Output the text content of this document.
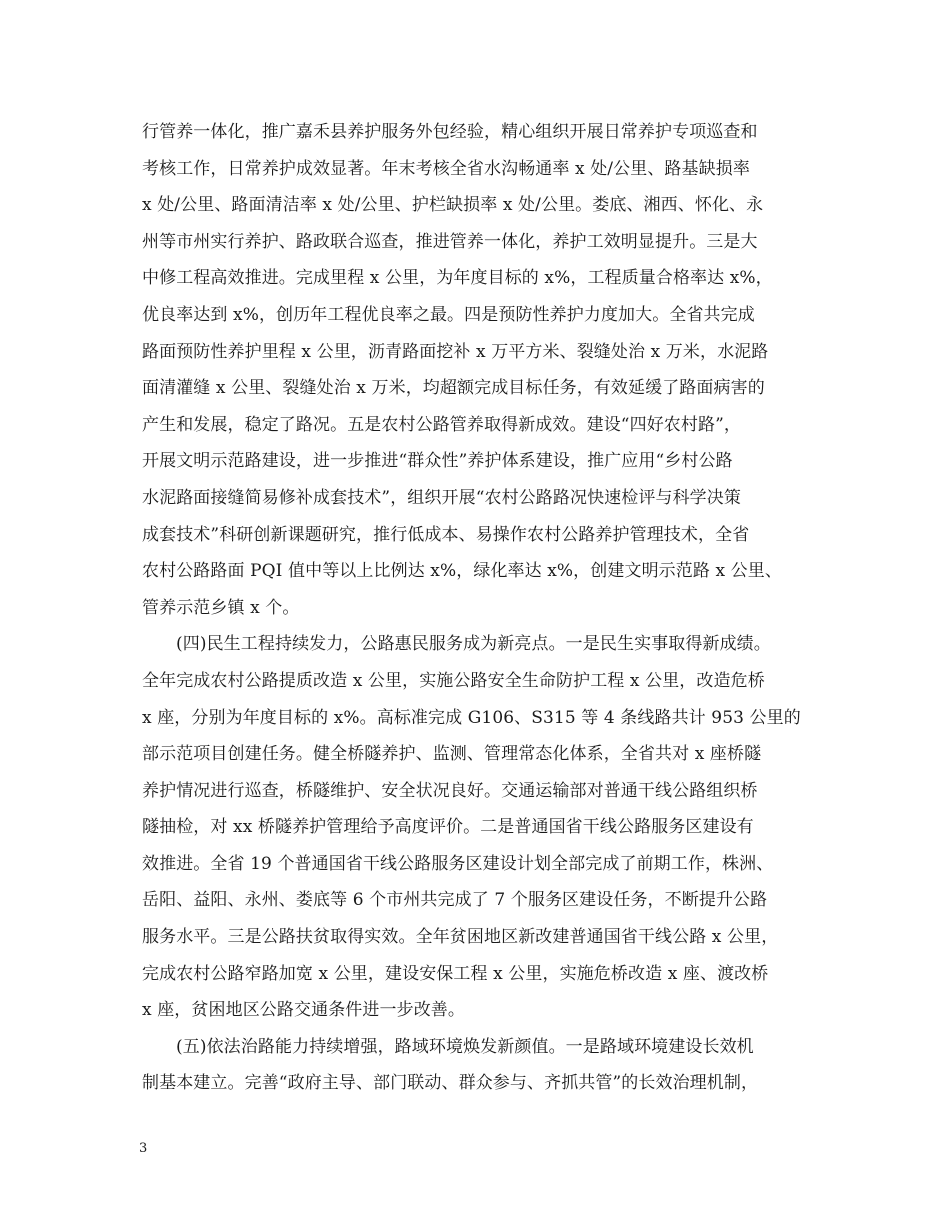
行管养一体化，推广嘉禾县养护服务外包经验，精心组织开展日常养护专项巡查和
考核工作，日常养护成效显著。年末考核全省水沟畅通率 x 处/公里、路基缺损率
x 处/公里、路面清洁率 x 处/公里、护栏缺损率 x 处/公里。娄底、湘西、怀化、永
州等市州实行养护、路政联合巡查，推进管养一体化，养护工效明显提升。三是大
中修工程高效推进。完成里程 x 公里，为年度目标的 x%，工程质量合格率达 x%，
优良率达到 x%，创历年工程优良率之最。四是预防性养护力度加大。全省共完成
路面预防性养护里程 x 公里，沥青路面挖补 x 万平方米、裂缝处治 x 万米，水泥路
面清灌缝 x 公里、裂缝处治 x 万米，均超额完成目标任务，有效延缓了路面病害的
产生和发展，稳定了路况。五是农村公路管养取得新成效。建设“四好农村路”，
开展文明示范路建设，进一步推进“群众性”养护体系建设，推广应用“乡村公路
水泥路面接缝简易修补成套技术”，组织开展“农村公路路况快速检评与科学决策
成套技术”科研创新课题研究，推行低成本、易操作农村公路养护管理技术，全省
农村公路路面 PQI 值中等以上比例达 x%，绿化率达 x%，创建文明示范路 x 公里、
管养示范乡镇 x 个。
(四)民生工程持续发力，公路惠民服务成为新亮点。一是民生实事取得新成绩。
全年完成农村公路提质改造 x 公里，实施公路安全生命防护工程 x 公里，改造危桥
x 座，分别为年度目标的 x%。高标准完成 G106、S315 等 4 条线路共计 953 公里的
部示范项目创建任务。健全桥隧养护、监测、管理常态化体系，全省共对 x 座桥隧
养护情况进行巡查，桥隧维护、安全状况良好。交通运输部对普通干线公路组织桥
隧抽检，对 xx 桥隧养护管理给予高度评价。二是普通国省干线公路服务区建设有
效推进。全省 19 个普通国省干线公路服务区建设计划全部完成了前期工作，株洲、
岳阳、益阳、永州、娄底等 6 个市州共完成了 7 个服务区建设任务，不断提升公路
服务水平。三是公路扶贫取得实效。全年贫困地区新改建普通国省干线公路 x 公里，
完成农村公路窄路加宽 x 公里，建设安保工程 x 公里，实施危桥改造 x 座、渡改桥
x 座，贫困地区公路交通条件进一步改善。
(五)依法治路能力持续增强，路域环境焕发新颜值。一是路域环境建设长效机
制基本建立。完善“政府主导、部门联动、群众参与、齐抓共管”的长效治理机制，
3
